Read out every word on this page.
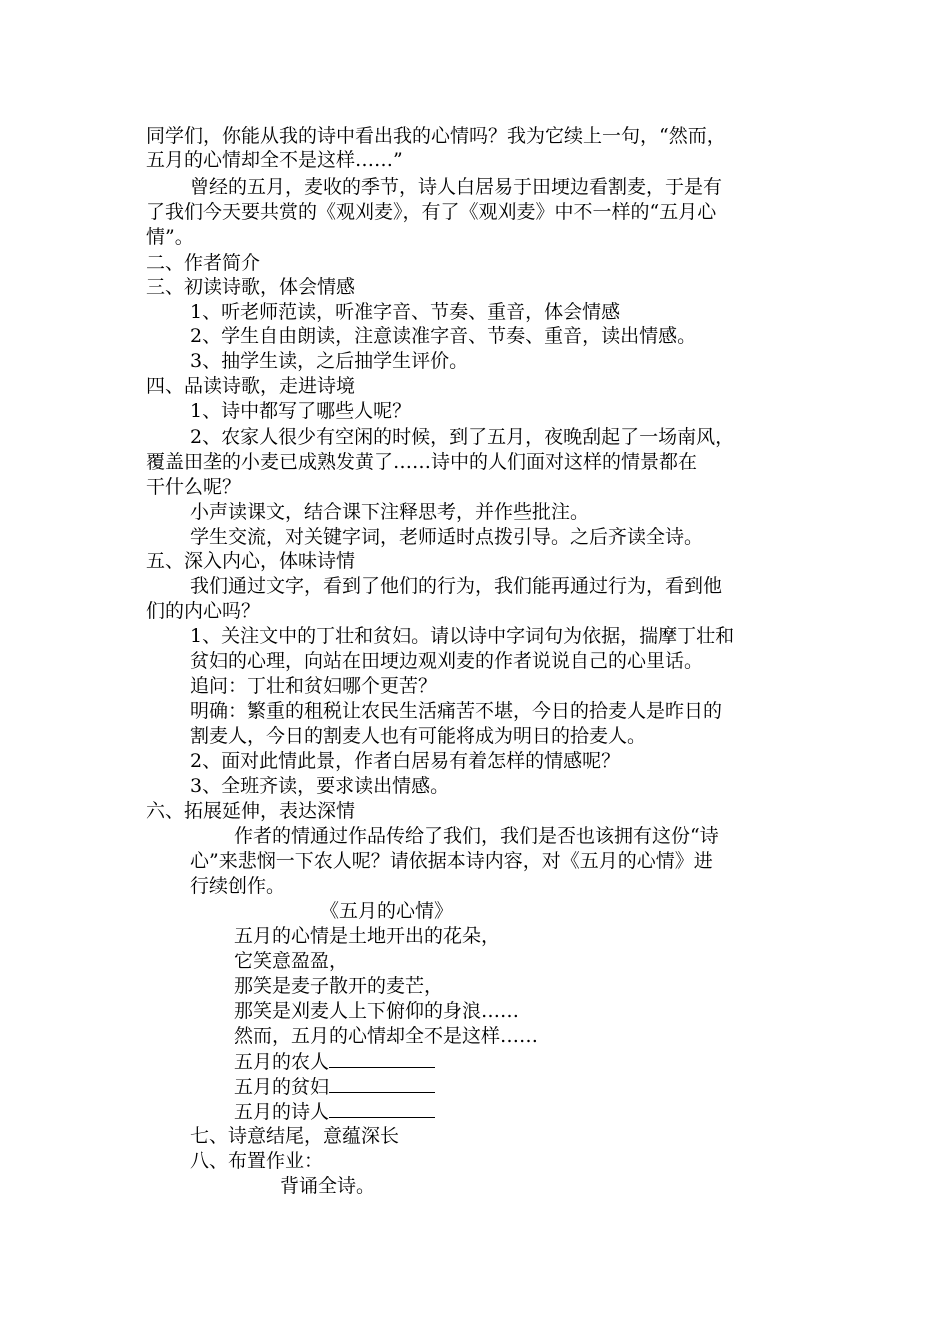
同学们，你能从我的诗中看出我的心情吗？我为它续上一句，“然而，
五月的心情却全不是这样……”
曾经的五月，麦收的季节，诗人白居易于田埂边看割麦，于是有
了我们今天要共赏的《观刈麦》，有了《观刈麦》中不一样的“五月心
情”。
二、作者简介
三、初读诗歌，体会情感
1、听老师范读，听准字音、节奏、重音，体会情感
2、学生自由朗读，注意读准字音、节奏、重音，读出情感。
3、抽学生读，之后抽学生评价。
四、品读诗歌，走进诗境
1、诗中都写了哪些人呢？
2、农家人很少有空闲的时候，到了五月，夜晚刮起了一场南风，
覆盖田垄的小麦已成熟发黄了……诗中的人们面对这样的情景都在
干什么呢？
小声读课文，结合课下注释思考，并作些批注。
学生交流，对关键字词，老师适时点拨引导。之后齐读全诗。
五、深入内心，体味诗情
我们通过文字，看到了他们的行为，我们能再通过行为，看到他
们的内心吗？
1、关注文中的丁壮和贫妇。请以诗中字词句为依据，揣摩丁壮和
贫妇的心理，向站在田埂边观刈麦的作者说说自己的心里话。
追问：丁壮和贫妇哪个更苦？
明确：繁重的租税让农民生活痛苦不堪，今日的拾麦人是昨日的
割麦人，今日的割麦人也有可能将成为明日的拾麦人。
2、面对此情此景，作者白居易有着怎样的情感呢？
3、全班齐读，要求读出情感。
六、拓展延伸，表达深情
作者的情通过作品传给了我们，我们是否也该拥有这份“诗
心”来悲悯一下农人呢？请依据本诗内容，对《五月的心情》进
行续创作。
《五月的心情》
五月的心情是土地开出的花朵，
它笑意盈盈，
那笑是麦子散开的麦芒，
那笑是刈麦人上下俯仰的身浪……
然而，五月的心情却全不是这样……
五月的农人
五月的贫妇
五月的诗人
七、诗意结尾，意蕴深长
八、布置作业：
背诵全诗。
